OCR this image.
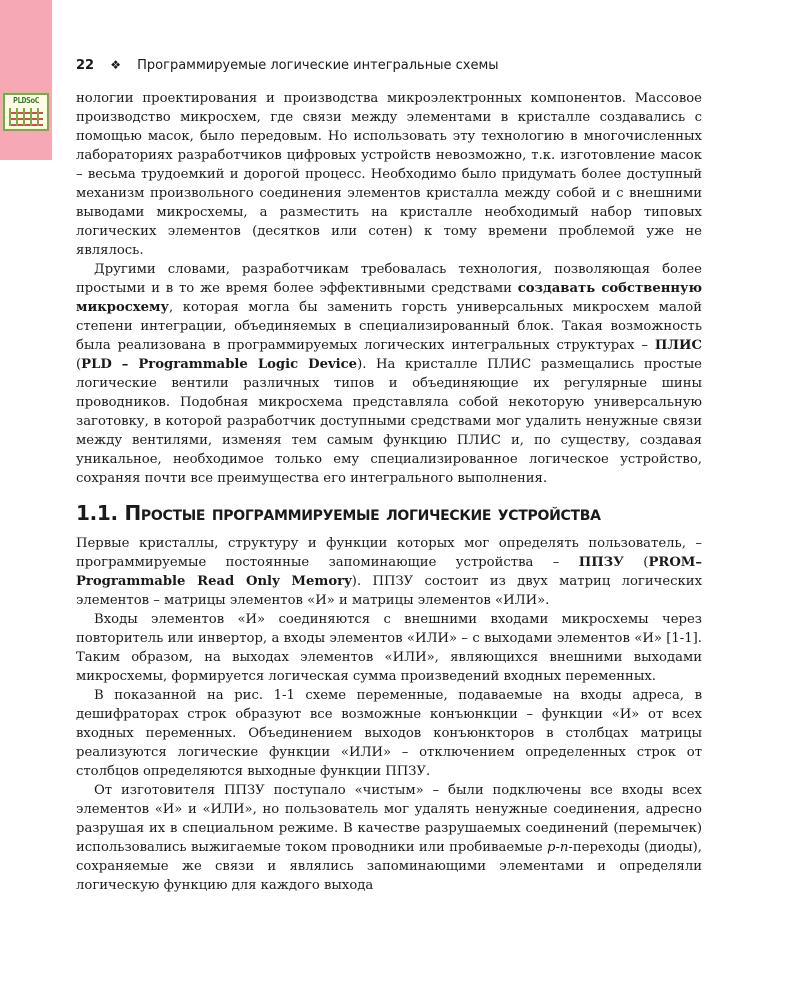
PLDSoC
22 ❖ Программируемые логические интегральные схемы

нологии проектирования и производства микроэлектронных компонентов. Массовое производство микросхем, где связи между элементами в кристалле создавались с помощью масок, было передовым. Но использовать эту технологию в многочисленных лабораториях разработчиков цифровых устройств невозможно, т.к. изготовление масок – весьма трудоемкий и дорогой процесс. Необходимо было придумать более доступный механизм произвольного соединения элементов кристалла между собой и с внешними выводами микросхемы, а разместить на кристалле необходимый набор типовых логических элементов (десятков или сотен) к тому времени проблемой уже не являлось.

Другими словами, разработчикам требовалась технология, позволяющая более простыми и в то же время более эффективными средствами создавать собственную микросхему, которая могла бы заменить горсть универсальных микросхем малой степени интеграции, объединяемых в специализированный блок. Такая возможность была реализована в программируемых логических интегральных структурах – ПЛИС (PLD – Programmable Logic Device). На кристалле ПЛИС размещались простые логические вентили различных типов и объединяющие их регулярные шины проводников. Подобная микросхема представляла собой некоторую универсальную заготовку, в которой разработчик доступными средствами мог удалить ненужные связи между вентилями, изменяя тем самым функцию ПЛИС и, по существу, создавая уникальное, необходимое только ему специализированное логическое устройство, сохраняя почти все преимущества его интегрального выполнения.

1.1. Простые программируемые логические устройства

Первые кристаллы, структуру и функции которых мог определять пользователь, – программируемые постоянные запоминающие устройства – ППЗУ (PROM– Programmable Read Only Memory). ППЗУ состоит из двух матриц логических элементов – матрицы элементов «И» и матрицы элементов «ИЛИ».

Входы элементов «И» соединяются с внешними входами микросхемы через повторитель или инвертор, а входы элементов «ИЛИ» – с выходами элементов «И» [1-1]. Таким образом, на выходах элементов «ИЛИ», являющихся внешними выходами микросхемы, формируется логическая сумма произведений входных переменных.

В показанной на рис. 1-1 схеме переменные, подаваемые на входы адреса, в дешифраторах строк образуют все возможные конъюнкции – функции «И» от всех входных переменных. Объединением выходов конъюнкторов в столбцах матрицы реализуются логические функции «ИЛИ» – отключением определенных строк от столбцов определяются выходные функции ППЗУ.

От изготовителя ППЗУ поступало «чистым» – были подключены все входы всех элементов «И» и «ИЛИ», но пользователь мог удалять ненужные соединения, адресно разрушая их в специальном режиме. В качестве разрушаемых соединений (перемычек) использовались выжигаемые током проводники или пробиваемые p-n-переходы (диоды), сохраняемые же связи и являлись запоминающими элементами и определяли логическую функцию для каждого выхода
